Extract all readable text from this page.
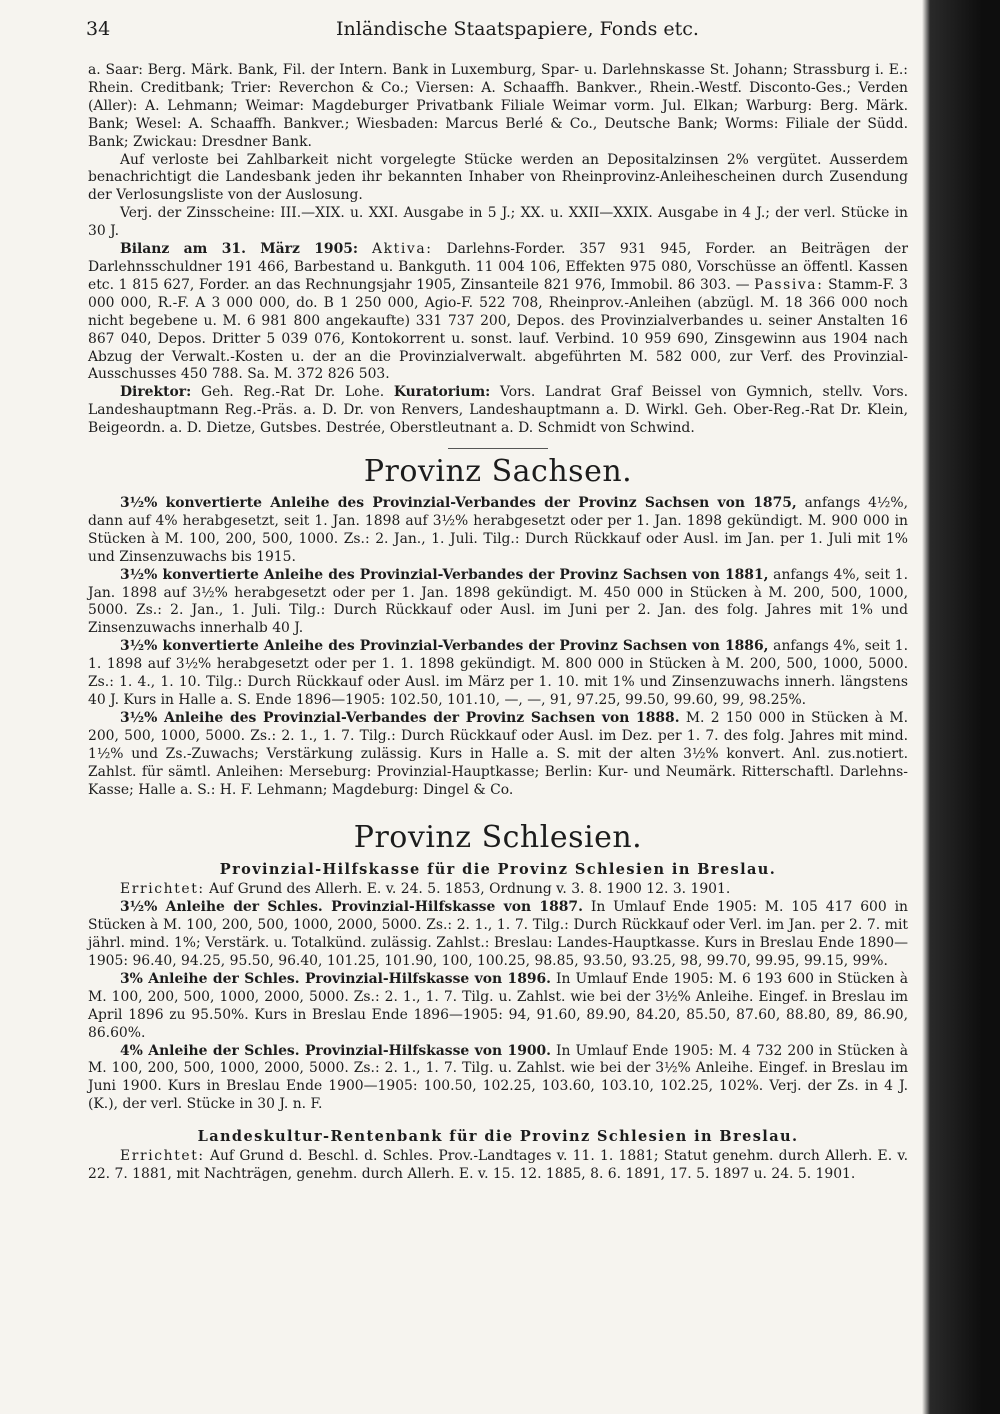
34	Inländische Staatspapiere, Fonds etc.

a. Saar: Berg. Märk. Bank, Fil. der Intern. Bank in Luxemburg, Spar- u. Darlehnskasse St. Johann; Strassburg i. E.: Rhein. Creditbank; Trier: Reverchon & Co.; Viersen: A. Schaaffh. Bankver., Rhein.-Westf. Disconto-Ges.; Verden (Aller): A. Lehmann; Weimar: Magdeburger Privatbank Filiale Weimar vorm. Jul. Elkan; Warburg: Berg. Märk. Bank; Wesel: A. Schaaffh. Bankver.; Wiesbaden: Marcus Berlé & Co., Deutsche Bank; Worms: Filiale der Südd. Bank; Zwickau: Dresdner Bank.

Auf verloste bei Zahlbarkeit nicht vorgelegte Stücke werden an Depositalzinsen 2% vergütet. Ausserdem benachrichtigt die Landesbank jeden ihr bekannten Inhaber von Rheinprovinz-Anleihescheinen durch Zusendung der Verlosungsliste von der Auslosung.

Verj. der Zinsscheine: III.—XIX. u. XXI. Ausgabe in 5 J.; XX. u. XXII—XXIX. Ausgabe in 4 J.; der verl. Stücke in 30 J.

Bilanz am 31. März 1905: Aktiva: Darlehns-Forder. 357 931 945, Forder. an Beiträgen der Darlehnsschuldner 191 466, Barbestand u. Bankguth. 11 004 106, Effekten 975 080, Vorschüsse an öffentl. Kassen etc. 1 815 627, Forder. an das Rechnungsjahr 1905, Zinsanteile 821 976, Immobil. 86 303. — Passiva: Stamm-F. 3 000 000, R.-F. A 3 000 000, do. B 1 250 000, Agio-F. 522 708, Rheinprov.-Anleihen (abzügl. M. 18 366 000 noch nicht begebene u. M. 6 981 800 angekaufte) 331 737 200, Depos. des Provinzialverbandes u. seiner Anstalten 16 867 040, Depos. Dritter 5 039 076, Kontokorrent u. sonst. lauf. Verbind. 10 959 690, Zinsgewinn aus 1904 nach Abzug der Verwalt.-Kosten u. der an die Provinzialverwalt. abgeführten M. 582 000, zur Verf. des Provinzial-Ausschusses 450 788. Sa. M. 372 826 503.

Direktor: Geh. Reg.-Rat Dr. Lohe. Kuratorium: Vors. Landrat Graf Beissel von Gymnich, stellv. Vors. Landeshauptmann Reg.-Präs. a. D. Dr. von Renvers, Landeshauptmann a. D. Wirkl. Geh. Ober-Reg.-Rat Dr. Klein, Beigeordn. a. D. Dietze, Gutsbes. Destrée, Oberstleutnant a. D. Schmidt von Schwind.

Provinz Sachsen.

3½% konvertierte Anleihe des Provinzial-Verbandes der Provinz Sachsen von 1875, anfangs 4½%, dann auf 4% herabgesetzt, seit 1. Jan. 1898 auf 3½% herabgesetzt oder per 1. Jan. 1898 gekündigt. M. 900 000 in Stücken à M. 100, 200, 500, 1000. Zs.: 2. Jan., 1. Juli. Tilg.: Durch Rückkauf oder Ausl. im Jan. per 1. Juli mit 1% und Zinsenzuwachs bis 1915.

3½% konvertierte Anleihe des Provinzial-Verbandes der Provinz Sachsen von 1881, anfangs 4%, seit 1. Jan. 1898 auf 3½% herabgesetzt oder per 1. Jan. 1898 gekündigt. M. 450 000 in Stücken à M. 200, 500, 1000, 5000. Zs.: 2. Jan., 1. Juli. Tilg.: Durch Rückkauf oder Ausl. im Juni per 2. Jan. des folg. Jahres mit 1% und Zinsenzuwachs innerhalb 40 J.

3½% konvertierte Anleihe des Provinzial-Verbandes der Provinz Sachsen von 1886, anfangs 4%, seit 1. 1. 1898 auf 3½% herabgesetzt oder per 1. 1. 1898 gekündigt. M. 800 000 in Stücken à M. 200, 500, 1000, 5000. Zs.: 1. 4., 1. 10. Tilg.: Durch Rückkauf oder Ausl. im März per 1. 10. mit 1% und Zinsenzuwachs innerh. längstens 40 J. Kurs in Halle a. S. Ende 1896—1905: 102.50, 101.10, —, —, 91, 97.25, 99.50, 99.60, 99, 98.25%.

3½% Anleihe des Provinzial-Verbandes der Provinz Sachsen von 1888. M. 2 150 000 in Stücken à M. 200, 500, 1000, 5000. Zs.: 2. 1., 1. 7. Tilg.: Durch Rückkauf oder Ausl. im Dez. per 1. 7. des folg. Jahres mit mind. 1½% und Zs.-Zuwachs; Verstärkung zulässig. Kurs in Halle a. S. mit der alten 3½% konvert. Anl. zus.notiert. Zahlst. für sämtl. Anleihen: Merseburg: Provinzial-Hauptkasse; Berlin: Kur- und Neumärk. Ritterschaftl. Darlehns-Kasse; Halle a. S.: H. F. Lehmann; Magdeburg: Dingel & Co.

Provinz Schlesien.
Provinzial-Hilfskasse für die Provinz Schlesien in Breslau.

Errichtet: Auf Grund des Allerh. E. v. 24. 5. 1853, Ordnung v. 3. 8. 1900 12. 3. 1901.

3½% Anleihe der Schles. Provinzial-Hilfskasse von 1887. In Umlauf Ende 1905: M. 105 417 600 in Stücken à M. 100, 200, 500, 1000, 2000, 5000. Zs.: 2. 1., 1. 7. Tilg.: Durch Rückkauf oder Verl. im Jan. per 2. 7. mit jährl. mind. 1%; Verstärk. u. Totalkünd. zulässig. Zahlst.: Breslau: Landes-Hauptkasse. Kurs in Breslau Ende 1890—1905: 96.40, 94.25, 95.50, 96.40, 101.25, 101.90, 100, 100.25, 98.85, 93.50, 93.25, 98, 99.70, 99.95, 99.15, 99%.

3% Anleihe der Schles. Provinzial-Hilfskasse von 1896. In Umlauf Ende 1905: M. 6 193 600 in Stücken à M. 100, 200, 500, 1000, 2000, 5000. Zs.: 2. 1., 1. 7. Tilg. u. Zahlst. wie bei der 3½% Anleihe. Eingef. in Breslau im April 1896 zu 95.50%. Kurs in Breslau Ende 1896—1905: 94, 91.60, 89.90, 84.20, 85.50, 87.60, 88.80, 89, 86.90, 86.60%.

4% Anleihe der Schles. Provinzial-Hilfskasse von 1900. In Umlauf Ende 1905: M. 4 732 200 in Stücken à M. 100, 200, 500, 1000, 2000, 5000. Zs.: 2. 1., 1. 7. Tilg. u. Zahlst. wie bei der 3½% Anleihe. Eingef. in Breslau im Juni 1900. Kurs in Breslau Ende 1900—1905: 100.50, 102.25, 103.60, 103.10, 102.25, 102%. Verj. der Zs. in 4 J. (K.), der verl. Stücke in 30 J. n. F.

Landeskultur-Rentenbank für die Provinz Schlesien in Breslau.

Errichtet: Auf Grund d. Beschl. d. Schles. Prov.-Landtages v. 11. 1. 1881; Statut genehm. durch Allerh. E. v. 22. 7. 1881, mit Nachträgen, genehm. durch Allerh. E. v. 15. 12. 1885, 8. 6. 1891, 17. 5. 1897 u. 24. 5. 1901.
